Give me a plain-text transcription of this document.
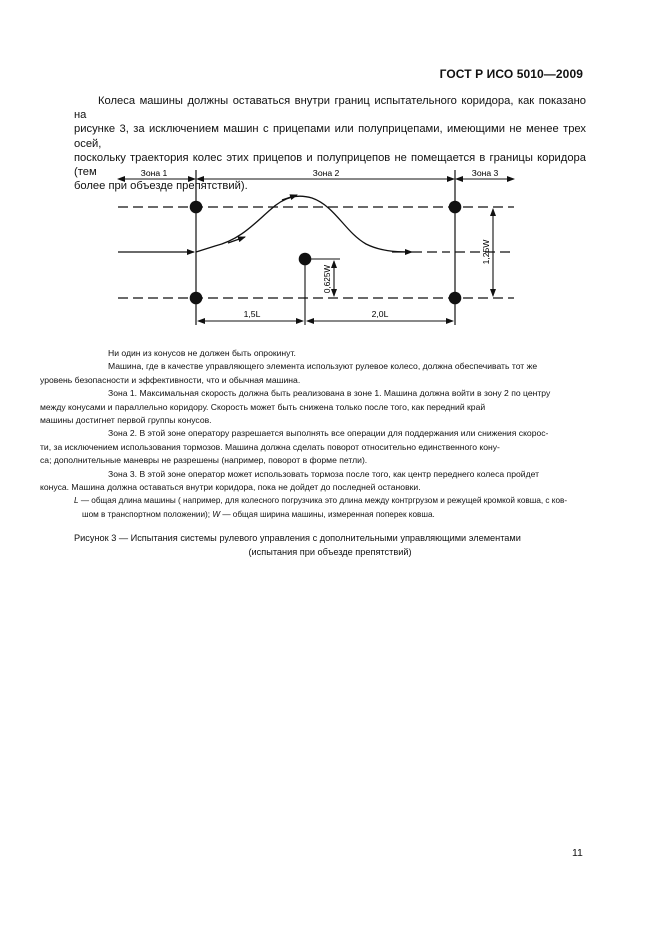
ГОСТ Р ИСО 5010—2009
Колеса машины должны оставаться внутри границ испытательного коридора, как показано на
рисунке 3, за исключением машин с прицепами или полуприцепами, имеющими не менее трех осей,
поскольку траектория колес этих прицепов и полуприцепов не помещается в границы коридора (тем
более при объезде препятствий).
Зона 1	Зона 2	Зона 3
1,25W
0,625W
1,5L	2,0L

Ни один из конусов не должен быть опрокинут.

Машина, где в качестве управляющего элемента используют рулевое колесо, должна обеспечивать тот же

уровень безопасности и эффективности, что и обычная машина.

Зона 1. Максимальная скорость должна быть реализована в зоне 1. Машина должна войти в зону 2 по центру

между конусами и параллельно коридору. Скорость может быть снижена только после того, как передний край

машины достигнет первой группы конусов.

Зона 2. В этой зоне оператору разрешается выполнять все операции для поддержания или снижения скорос-

ти, за исключением использования тормозов. Машина должна сделать поворот относительно единственного кону-

са; дополнительные маневры не разрешены (например, поворот в форме петли).

Зона 3. В этой зоне оператор может использовать тормоза после того, как центр переднего колеса пройдет

конуса. Машина должна оставаться внутри коридора, пока не дойдет до последней остановки.

L — общая длина машины ( например, для колесного погрузчика это длина между контргрузом и режущей кромкой ковша, с ков-
шом в транспортном положении); W — общая ширина машины, измеренная поперек ковша.
Рисунок 3 — Испытания системы рулевого управления с дополнительными управляющими элементами
(испытания при объезде препятствий)
11
